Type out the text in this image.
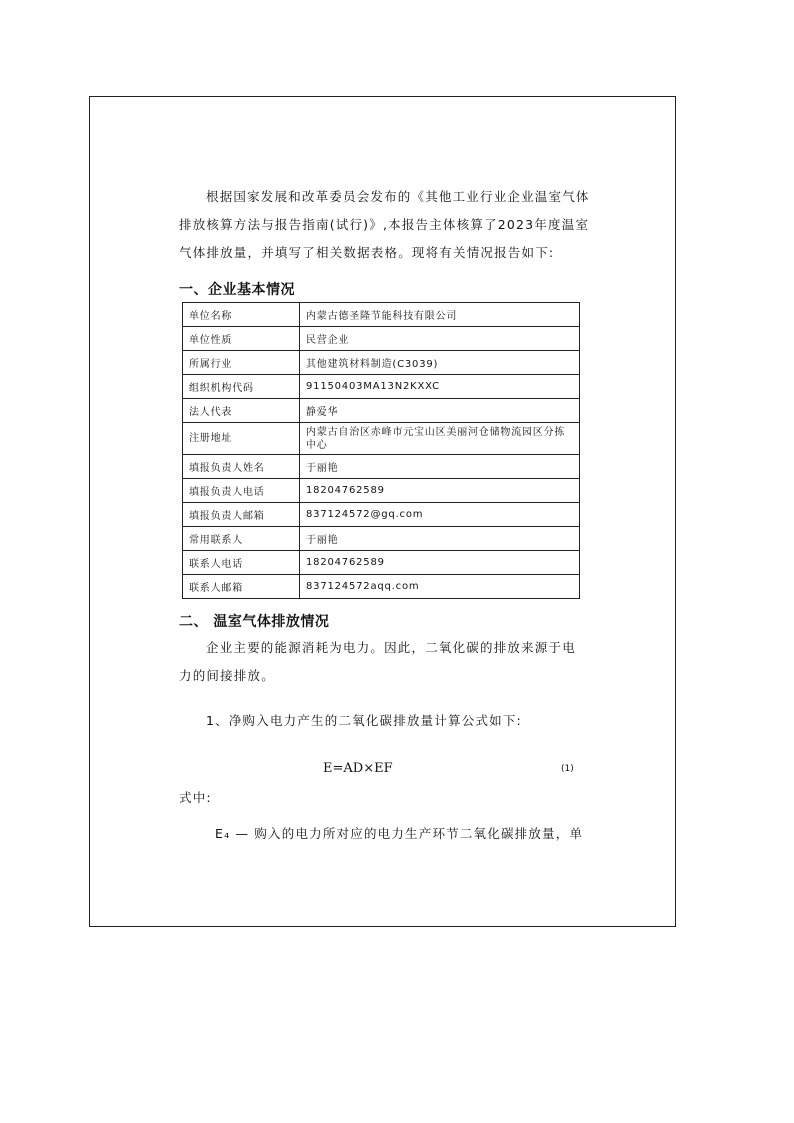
根据国家发展和改革委员会发布的《其他工业行业企业温室气体排放核算方法与报告指南(试行)》,本报告主体核算了2023年度温室气体排放量，并填写了相关数据表格。现将有关情况报告如下:

一、企业基本情况

单位名称	内蒙古德圣隆节能科技有限公司
单位性质	民营企业
所属行业	其他建筑材料制造(C3039)
组织机构代码	91150403MA13N2KXXC
法人代表	静爱华
注册地址	内蒙古自治区赤峰市元宝山区美丽河仓储物流园区分拣中心
填报负责人姓名	于丽艳
填报负责人电话	18204762589
填报负责人邮箱	837124572@gq.com
常用联系人	于丽艳
联系人电话	18204762589
联系人邮箱	837124572aqq.com

二、 温室气体排放情况

企业主要的能源消耗为电力。因此，二氧化碳的排放来源于电力的间接排放。

1、净购入电力产生的二氧化碳排放量计算公式如下:

E=AD×EF	(1)

式中:

E₄ — 购入的电力所对应的电力生产环节二氧化碳排放量，单
